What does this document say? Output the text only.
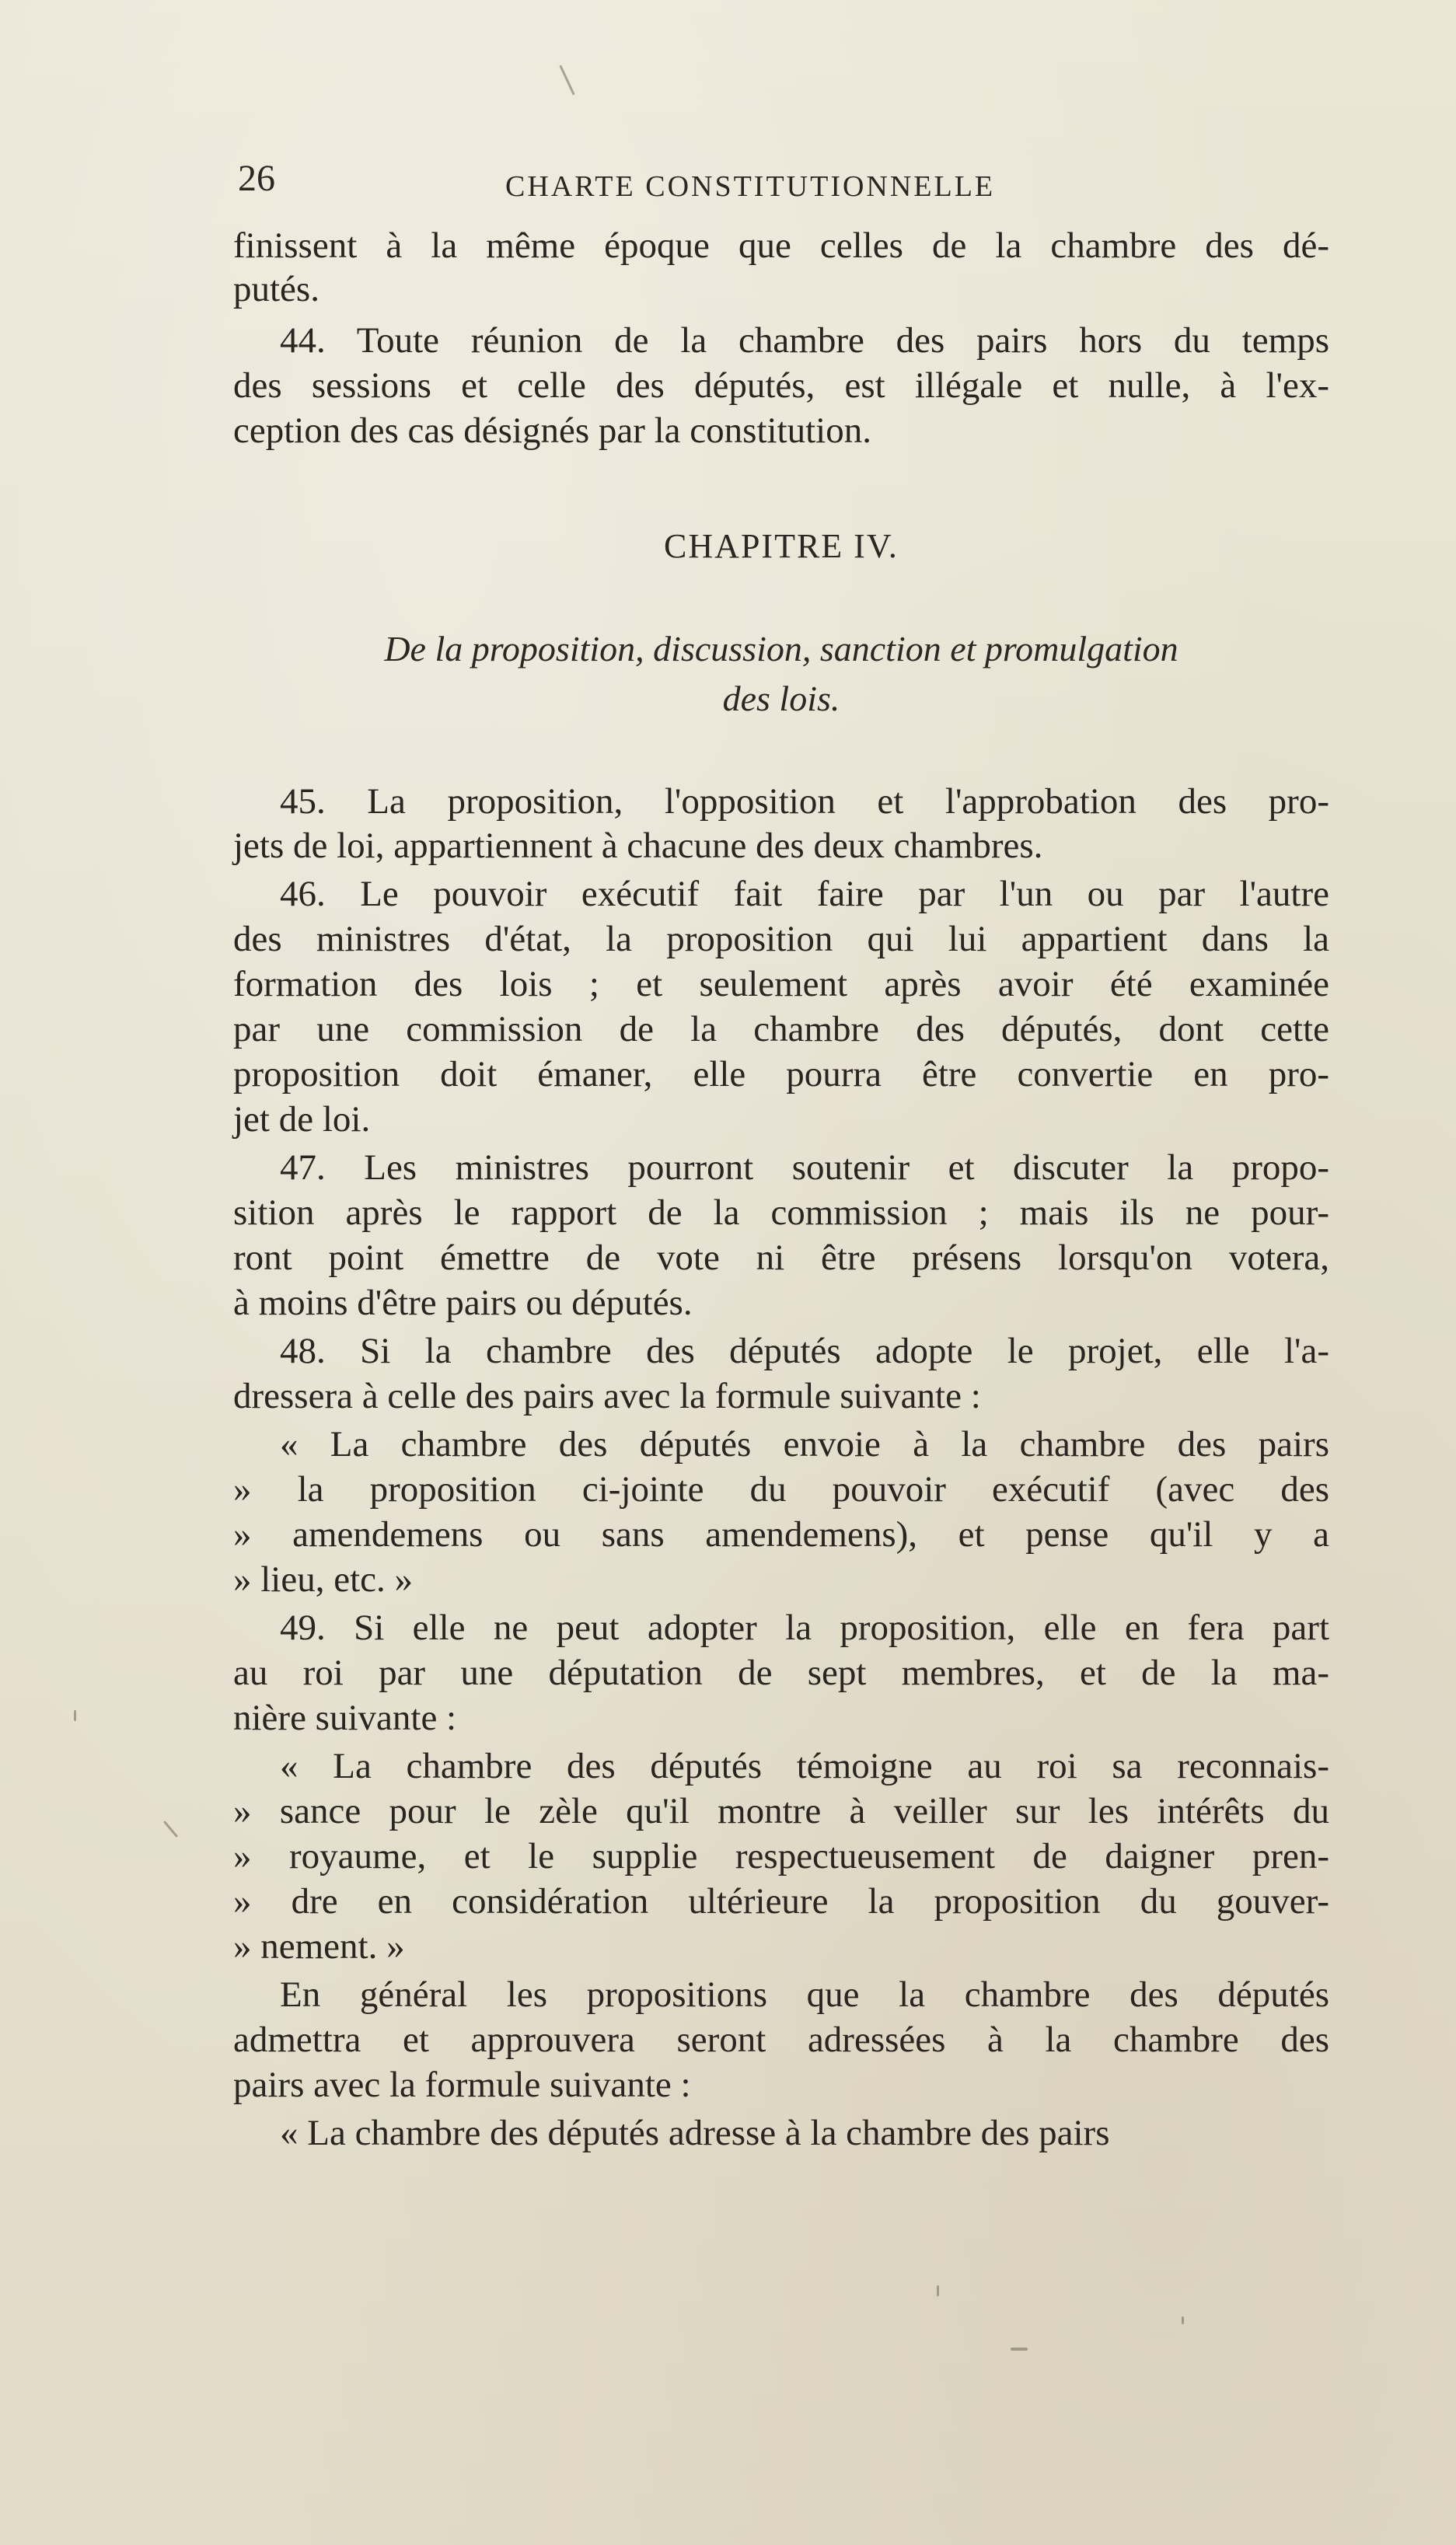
26	CHARTE CONSTITUTIONNELLE
finissent à la même époque que celles de la chambre des dé-
putés.
44. Toute réunion de la chambre des pairs hors du temps
des sessions et celle des députés, est illégale et nulle, à l'ex-
ception des cas désignés par la constitution.
CHAPITRE IV.
De la proposition, discussion, sanction et promulgation
des lois.
45. La proposition, l'opposition et l'approbation des pro-
jets de loi, appartiennent à chacune des deux chambres.
46. Le pouvoir exécutif fait faire par l'un ou par l'autre
des ministres d'état, la proposition qui lui appartient dans la
formation des lois ; et seulement après avoir été examinée
par une commission de la chambre des députés, dont cette
proposition doit émaner, elle pourra être convertie en pro-
jet de loi.
47. Les ministres pourront soutenir et discuter la propo-
sition après le rapport de la commission ; mais ils ne pour-
ront point émettre de vote ni être présens lorsqu'on votera,
à moins d'être pairs ou députés.
48. Si la chambre des députés adopte le projet, elle l'a-
dressera à celle des pairs avec la formule suivante :
« La chambre des députés envoie à la chambre des pairs
» la proposition ci-jointe du pouvoir exécutif (avec des
» amendemens ou sans amendemens), et pense qu'il y a
» lieu, etc. »
49. Si elle ne peut adopter la proposition, elle en fera part
au roi par une députation de sept membres, et de la ma-
nière suivante :
« La chambre des députés témoigne au roi sa reconnais-
» sance pour le zèle qu'il montre à veiller sur les intérêts du
» royaume, et le supplie respectueusement de daigner pren-
» dre en considération ultérieure la proposition du gouver-
» nement. »
En général les propositions que la chambre des députés
admettra et approuvera seront adressées à la chambre des
pairs avec la formule suivante :
« La chambre des députés adresse à la chambre des pairs
